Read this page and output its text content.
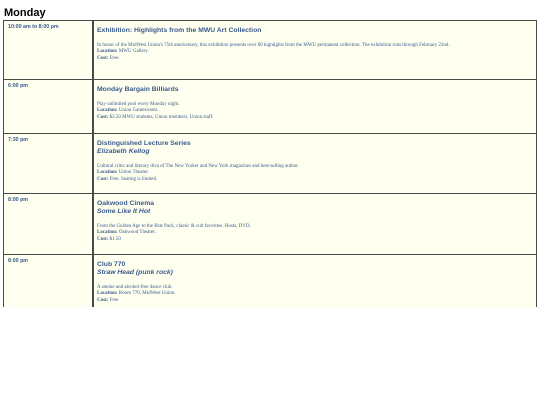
Monday
10:00 am to 8:00 pm	Exhibition: Highlights from the MWU Art Collection
In honor of the MidWest Union's 75th anniversary, this exhibition presents over 60 highlights from the MWU permanent collection. The exhibition runs through February 22nd.
Location: MWU Gallery.
Cost: Free.
6:00 pm	Monday Bargain Billiards
Play unlimited pool every Monday night.
Location: Union Gamesroom.
Cost: $2.50 MWU students, Union members, Union staff.
7:30 pm	Distinguished Lecture Series
Elizabeth Kellog
Cultural critic and literary diva of The New Yorker and New York magazines and best-selling author.
Location: Union Theater.
Cost: Free. Seating is limited.
8:00 pm	Oakwood Cinema
Some Like It Hot
From the Golden Age to the Brat Pack, classic & cult favorites. Hosts, DVD.
Location: Oakwood Theater.
Cost: $1.50
8:00 pm	Club 770
Straw Head (punk rock)
A smoke and alcohol-free dance club.
Location: Room 770, MidWest Union.
Cost: Free
